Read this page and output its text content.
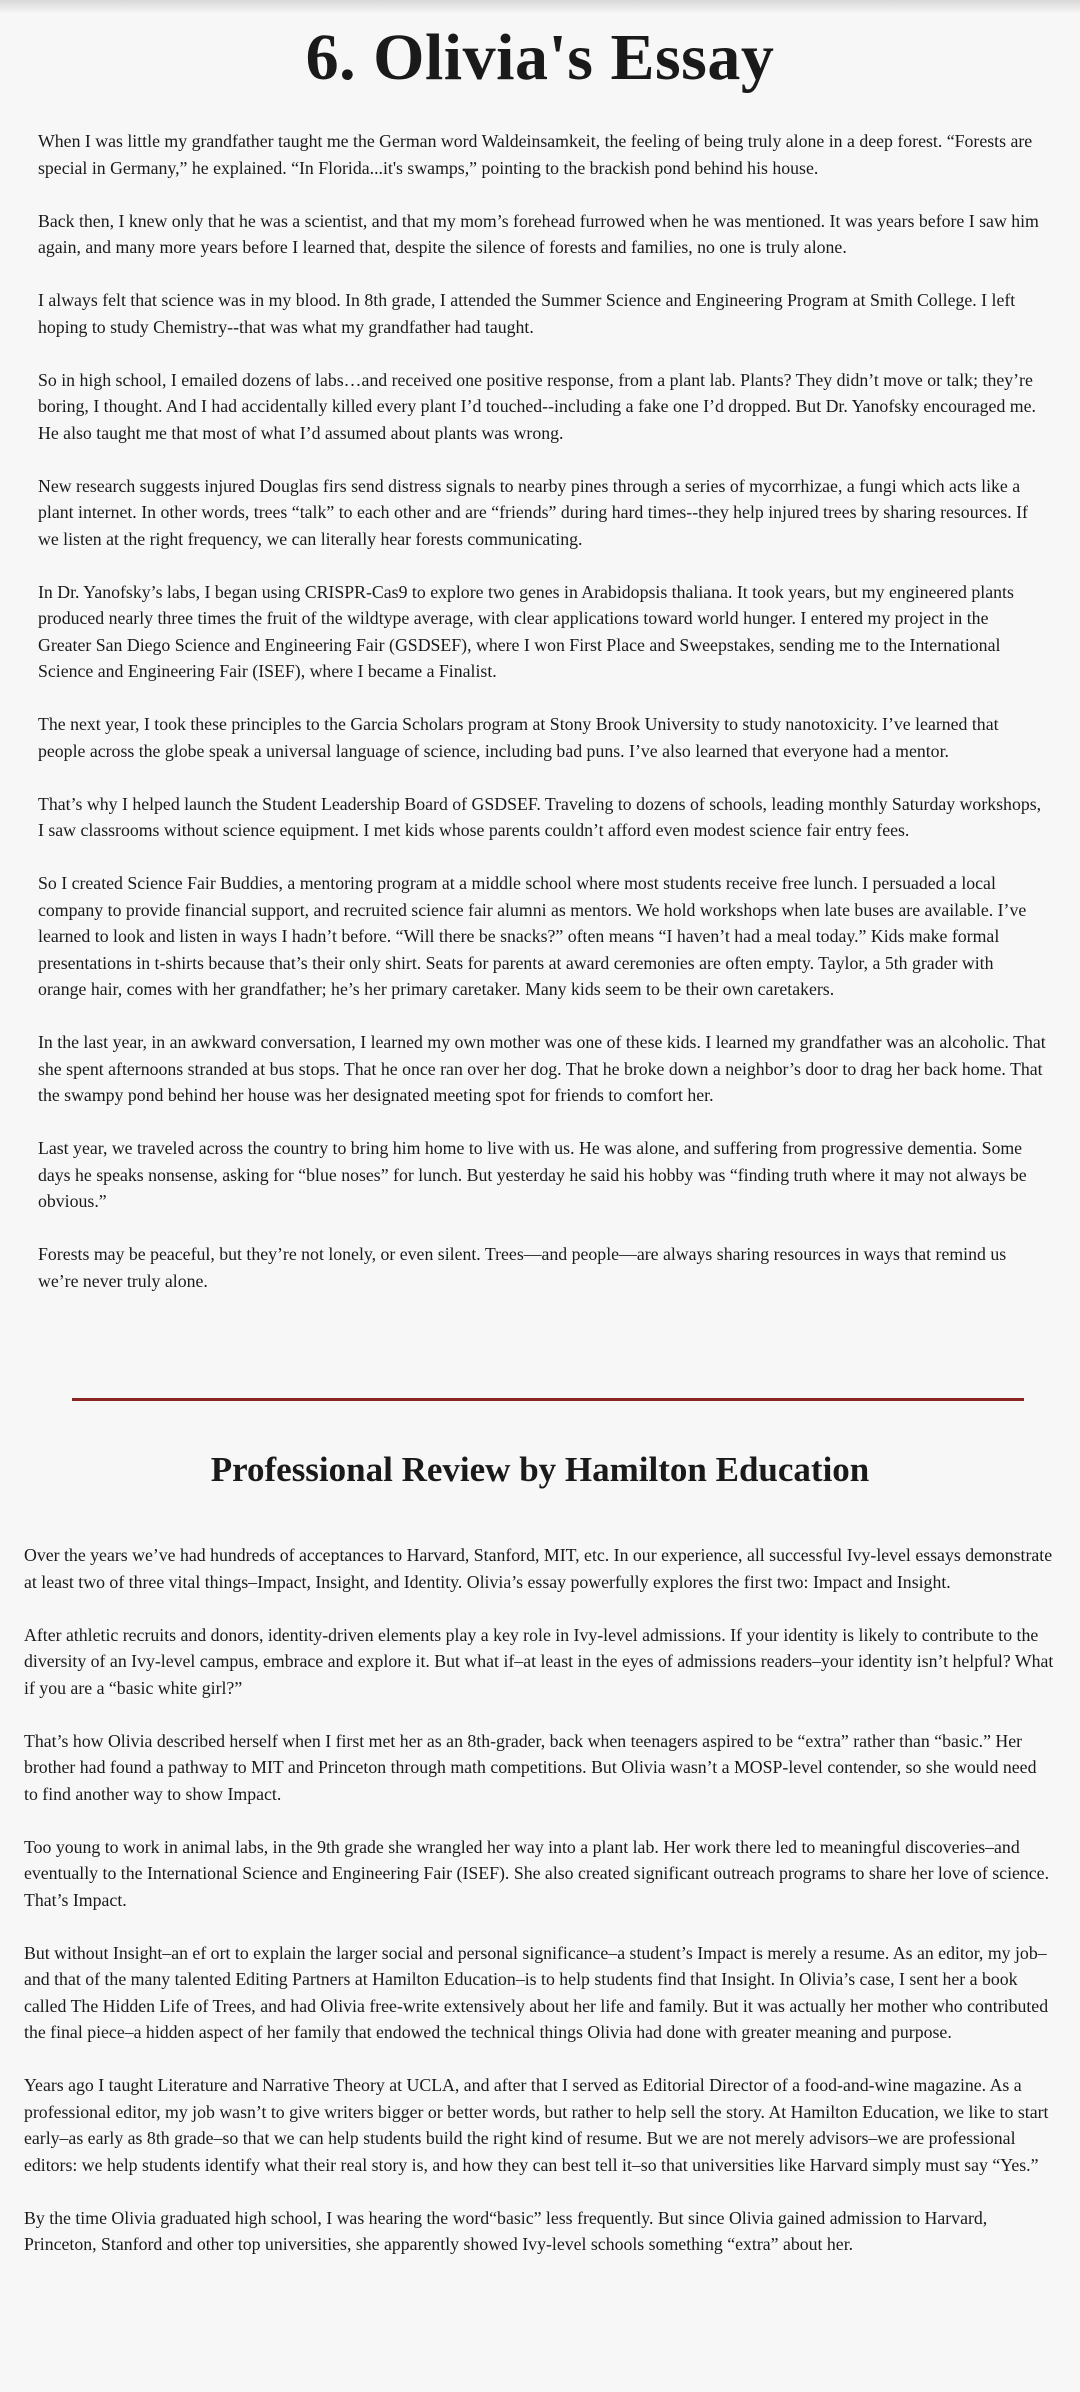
6. Olivia's Essay

When I was little my grandfather taught me the German word Waldeinsamkeit, the feeling of being truly alone in a deep forest. “Forests are special in Germany,” he explained. “In Florida...it's swamps,” pointing to the brackish pond behind his house.

Back then, I knew only that he was a scientist, and that my mom’s forehead furrowed when he was mentioned. It was years before I saw him again, and many more years before I learned that, despite the silence of forests and families, no one is truly alone.

I always felt that science was in my blood. In 8th grade, I attended the Summer Science and Engineering Program at Smith College. I left hoping to study Chemistry--that was what my grandfather had taught.

So in high school, I emailed dozens of labs…and received one positive response, from a plant lab. Plants? They didn’t move or talk; they’re boring, I thought. And I had accidentally killed every plant I’d touched--including a fake one I’d dropped. But Dr. Yanofsky encouraged me. He also taught me that most of what I’d assumed about plants was wrong.

New research suggests injured Douglas firs send distress signals to nearby pines through a series of mycorrhizae, a fungi which acts like a plant internet. In other words, trees “talk” to each other and are “friends” during hard times--they help injured trees by sharing resources. If we listen at the right frequency, we can literally hear forests communicating.

In Dr. Yanofsky’s labs, I began using CRISPR-Cas9 to explore two genes in Arabidopsis thaliana. It took years, but my engineered plants produced nearly three times the fruit of the wildtype average, with clear applications toward world hunger. I entered my project in the Greater San Diego Science and Engineering Fair (GSDSEF), where I won First Place and Sweepstakes, sending me to the International Science and Engineering Fair (ISEF), where I became a Finalist.

The next year, I took these principles to the Garcia Scholars program at Stony Brook University to study nanotoxicity. I’ve learned that people across the globe speak a universal language of science, including bad puns. I’ve also learned that everyone had a mentor.

That’s why I helped launch the Student Leadership Board of GSDSEF. Traveling to dozens of schools, leading monthly Saturday workshops, I saw classrooms without science equipment. I met kids whose parents couldn’t afford even modest science fair entry fees.

So I created Science Fair Buddies, a mentoring program at a middle school where most students receive free lunch. I persuaded a local company to provide financial support, and recruited science fair alumni as mentors. We hold workshops when late buses are available. I’ve learned to look and listen in ways I hadn’t before. “Will there be snacks?” often means “I haven’t had a meal today.” Kids make formal presentations in t-shirts because that’s their only shirt. Seats for parents at award ceremonies are often empty. Taylor, a 5th grader with orange hair, comes with her grandfather; he’s her primary caretaker. Many kids seem to be their own caretakers.

In the last year, in an awkward conversation, I learned my own mother was one of these kids. I learned my grandfather was an alcoholic. That she spent afternoons stranded at bus stops. That he once ran over her dog. That he broke down a neighbor’s door to drag her back home. That the swampy pond behind her house was her designated meeting spot for friends to comfort her.

Last year, we traveled across the country to bring him home to live with us. He was alone, and suffering from progressive dementia. Some days he speaks nonsense, asking for “blue noses” for lunch. But yesterday he said his hobby was “finding truth where it may not always be obvious.”

Forests may be peaceful, but they’re not lonely, or even silent. Trees—and people—are always sharing resources in ways that remind us we’re never truly alone.

Professional Review by Hamilton Education

Over the years we’ve had hundreds of acceptances to Harvard, Stanford, MIT, etc. In our experience, all successful Ivy-level essays demonstrate at least two of three vital things–Impact, Insight, and Identity. Olivia’s essay powerfully explores the first two: Impact and Insight.

After athletic recruits and donors, identity-driven elements play a key role in Ivy-level admissions. If your identity is likely to contribute to the diversity of an Ivy-level campus, embrace and explore it. But what if–at least in the eyes of admissions readers–your identity isn’t helpful? What if you are a “basic white girl?”

That’s how Olivia described herself when I first met her as an 8th-grader, back when teenagers aspired to be “extra” rather than “basic.” Her brother had found a pathway to MIT and Princeton through math competitions. But Olivia wasn’t a MOSP-level contender, so she would need to find another way to show Impact.

Too young to work in animal labs, in the 9th grade she wrangled her way into a plant lab. Her work there led to meaningful discoveries–and eventually to the International Science and Engineering Fair (ISEF). She also created significant outreach programs to share her love of science. That’s Impact.

But without Insight–an ef ort to explain the larger social and personal significance–a student’s Impact is merely a resume. As an editor, my job–and that of the many talented Editing Partners at Hamilton Education–is to help students find that Insight. In Olivia’s case, I sent her a book called The Hidden Life of Trees, and had Olivia free-write extensively about her life and family. But it was actually her mother who contributed the final piece–a hidden aspect of her family that endowed the technical things Olivia had done with greater meaning and purpose.

Years ago I taught Literature and Narrative Theory at UCLA, and after that I served as Editorial Director of a food-and-wine magazine. As a professional editor, my job wasn’t to give writers bigger or better words, but rather to help sell the story. At Hamilton Education, we like to start early–as early as 8th grade–so that we can help students build the right kind of resume. But we are not merely advisors–we are professional editors: we help students identify what their real story is, and how they can best tell it–so that universities like Harvard simply must say “Yes.”

By the time Olivia graduated high school, I was hearing the word“basic” less frequently. But since Olivia gained admission to Harvard, Princeton, Stanford and other top universities, she apparently showed Ivy-level schools something “extra” about her.
